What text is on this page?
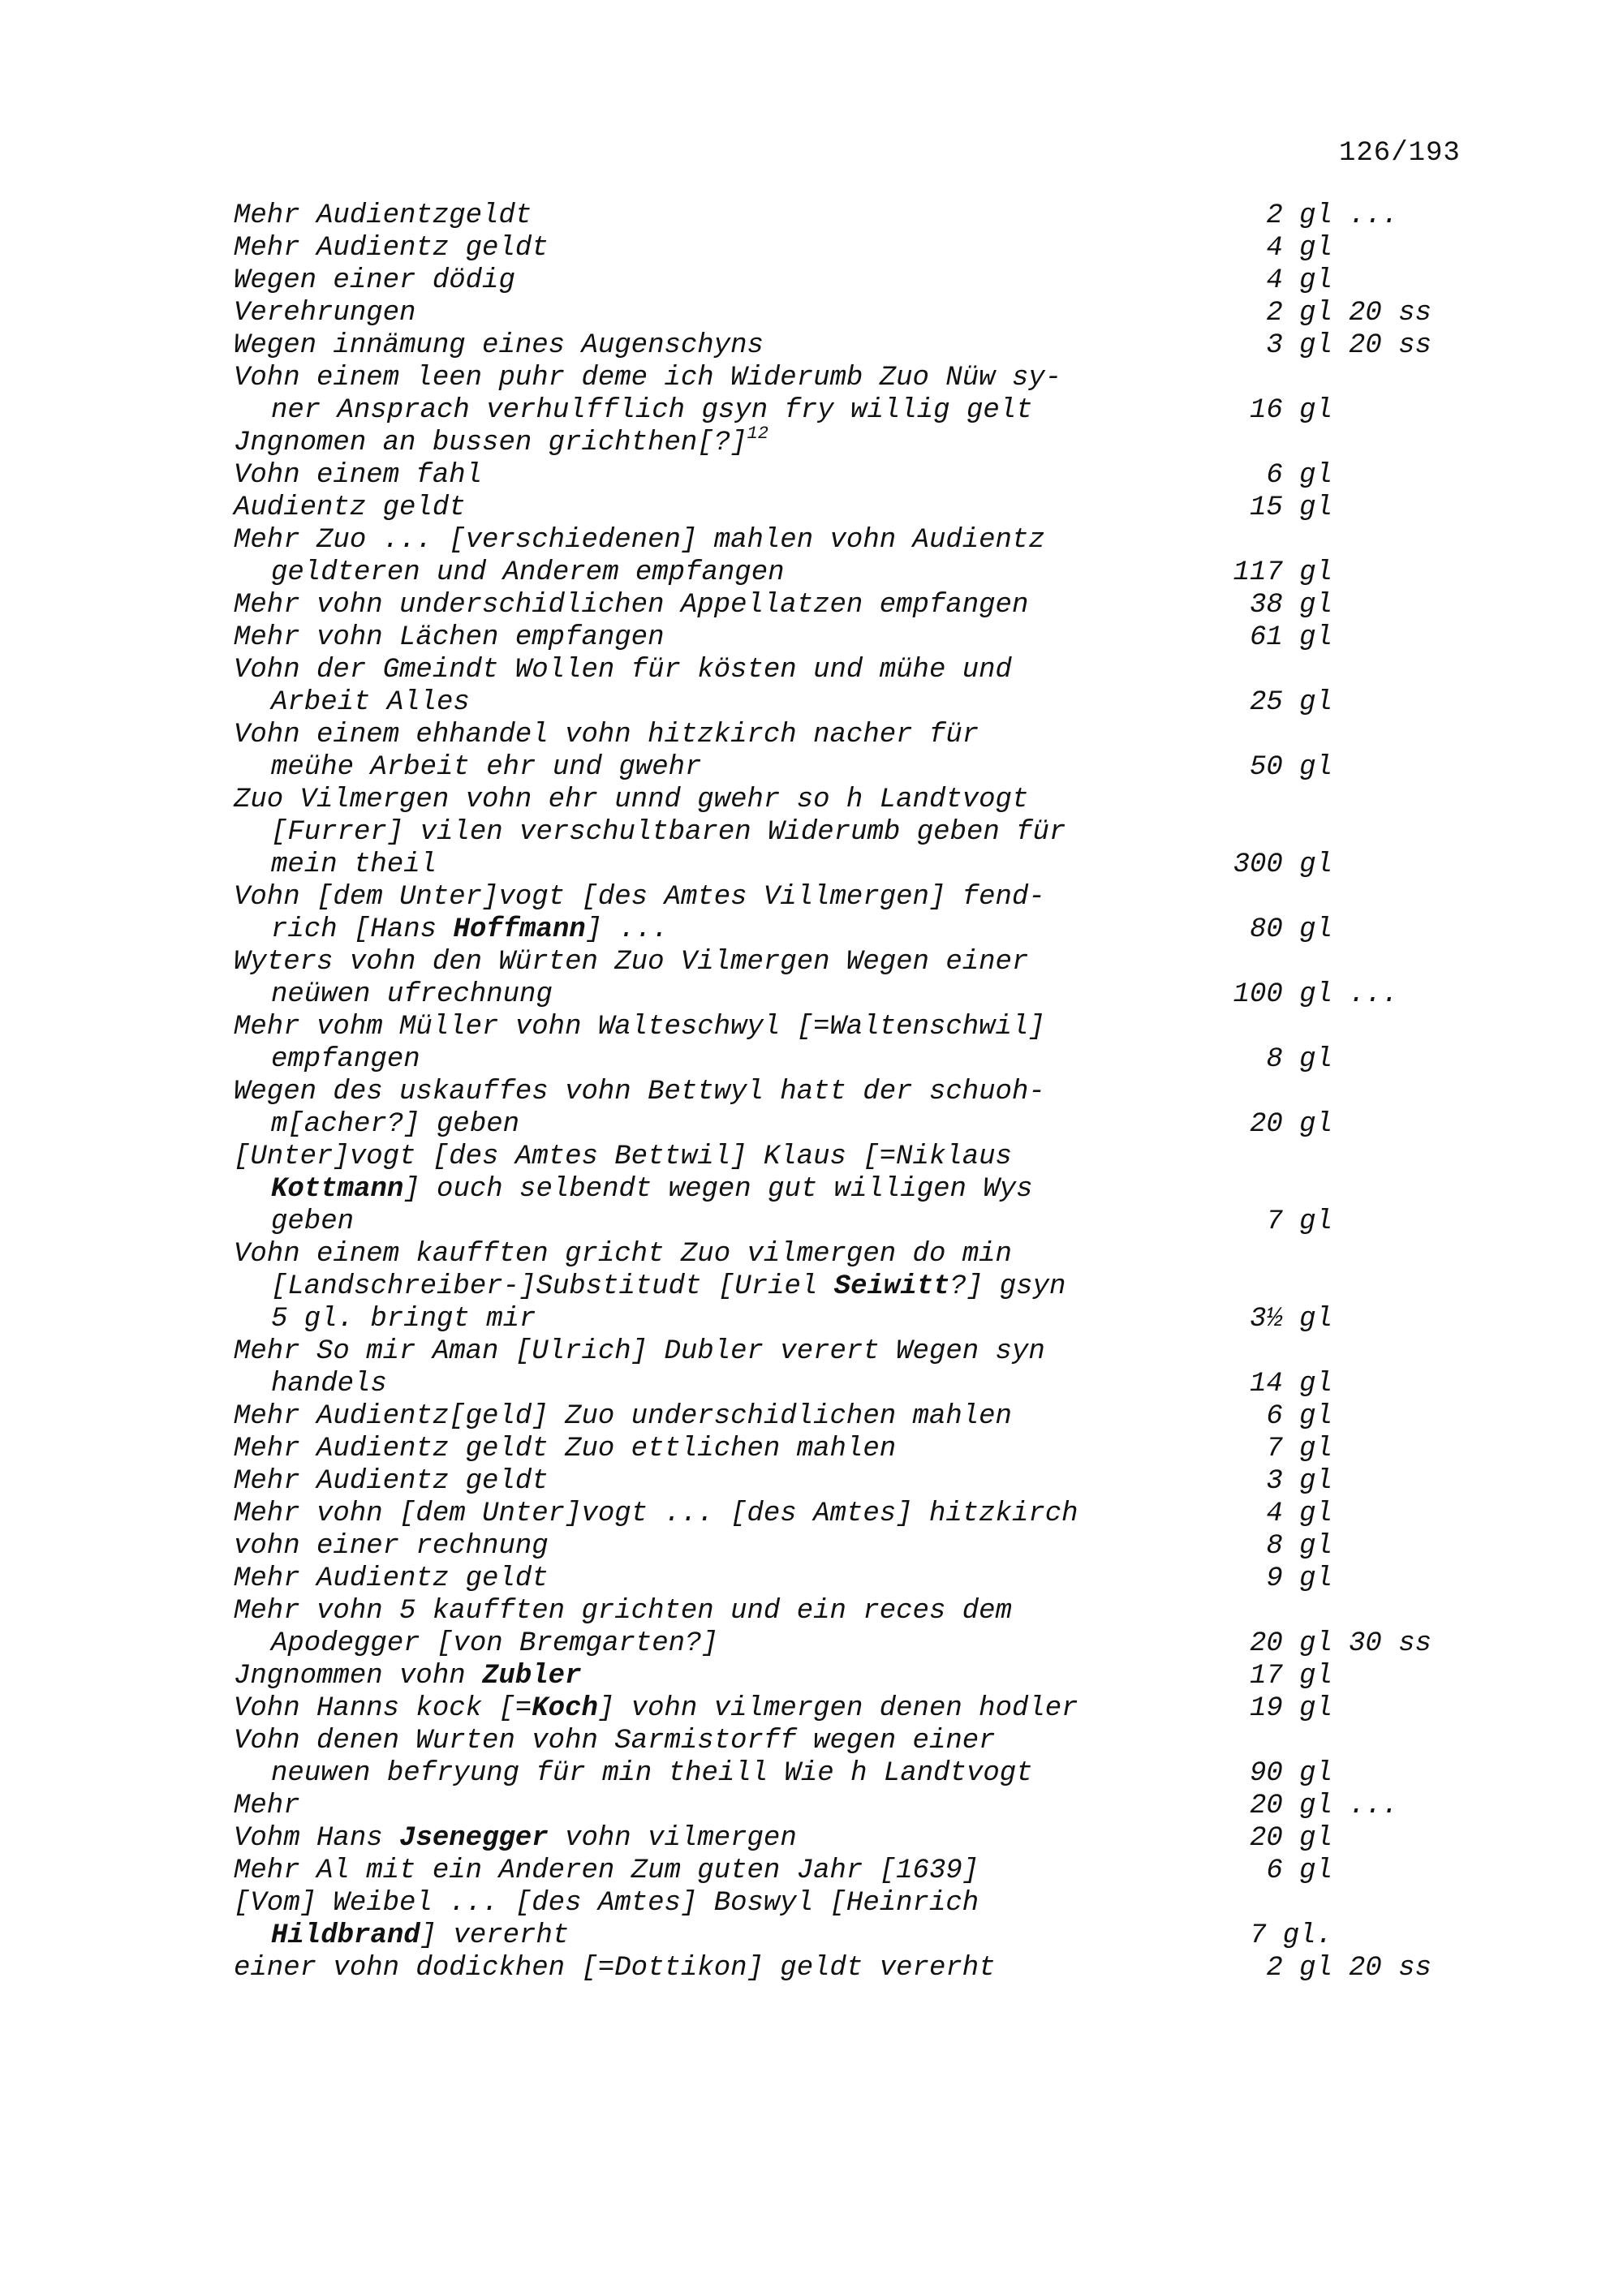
126/193
Mehr Audientzgeldt	2 gl ...
Mehr Audientz geldt	4 gl
Wegen einer dödig	4 gl
Verehrungen	2 gl 20 ss
Wegen innämung eines Augenschyns	3 gl 20 ss
Vohn einem leen puhr deme ich Widerumb Zuo Nüw sy-
ner Ansprach verhulfflich gsyn fry willig gelt	16 gl
Jngnomen an bussen grichthen[?]$^{12}$
Vohn einem fahl	6 gl
Audientz geldt	15 gl
Mehr Zuo ... [verschiedenen] mahlen vohn Audientz
geldteren und Anderem empfangen	117 gl
Mehr vohn underschidlichen Appellatzen empfangen	38 gl
Mehr vohn Lächen empfangen	61 gl
Vohn der Gmeindt Wollen für kösten und mühe und
Arbeit Alles	25 gl
Vohn einem ehhandel vohn hitzkirch nacher für
meühe Arbeit ehr und gwehr	50 gl
Zuo Vilmergen vohn ehr unnd gwehr so h Landtvogt
[Furrer] vilen verschultbaren Widerumb geben für
mein theil	300 gl
Vohn [dem Unter]vogt [des Amtes Villmergen] fend-
rich [Hans Hoffmann] ...	80 gl
Wyters vohn den Würten Zuo Vilmergen Wegen einer
neüwen ufrechnung	100 gl ...
Mehr vohm Müller vohn Walteschwyl [=Waltenschwil]
empfangen	8 gl
Wegen des uskauffes vohn Bettwyl hatt der schuoh-
m[acher?] geben	20 gl
[Unter]vogt [des Amtes Bettwil] Klaus [=Niklaus
Kottmann] ouch selbendt wegen gut willigen Wys
geben	7 gl
Vohn einem kaufften gricht Zuo vilmergen do min
[Landschreiber-]Substitudt [Uriel Seiwitt?] gsyn
5 gl. bringt mir	3½ gl
Mehr So mir Aman [Ulrich] Dubler verert Wegen syn
handels	14 gl
Mehr Audientz[geld] Zuo underschidlichen mahlen	6 gl
Mehr Audientz geldt Zuo ettlichen mahlen	7 gl
Mehr Audientz geldt	3 gl
Mehr vohn [dem Unter]vogt ... [des Amtes] hitzkirch	4 gl
vohn einer rechnung	8 gl
Mehr Audientz geldt	9 gl
Mehr vohn 5 kaufften grichten und ein reces dem
Apodegger [von Bremgarten?]	20 gl 30 ss
Jngnommen vohn Zubler	17 gl
Vohn Hanns kock [=Koch] vohn vilmergen denen hodler	19 gl
Vohn denen Wurten vohn Sarmistorff wegen einer
neuwen befryung für min theill Wie h Landtvogt	90 gl
Mehr	20 gl ...
Vohm Hans Jsenegger vohn vilmergen	20 gl
Mehr Al mit ein Anderen Zum guten Jahr [1639]	6 gl
[Vom] Weibel ... [des Amtes] Boswyl [Heinrich
Hildbrand] vererht	7 gl.
einer vohn dodickhen [=Dottikon] geldt vererht	2 gl 20 ss
